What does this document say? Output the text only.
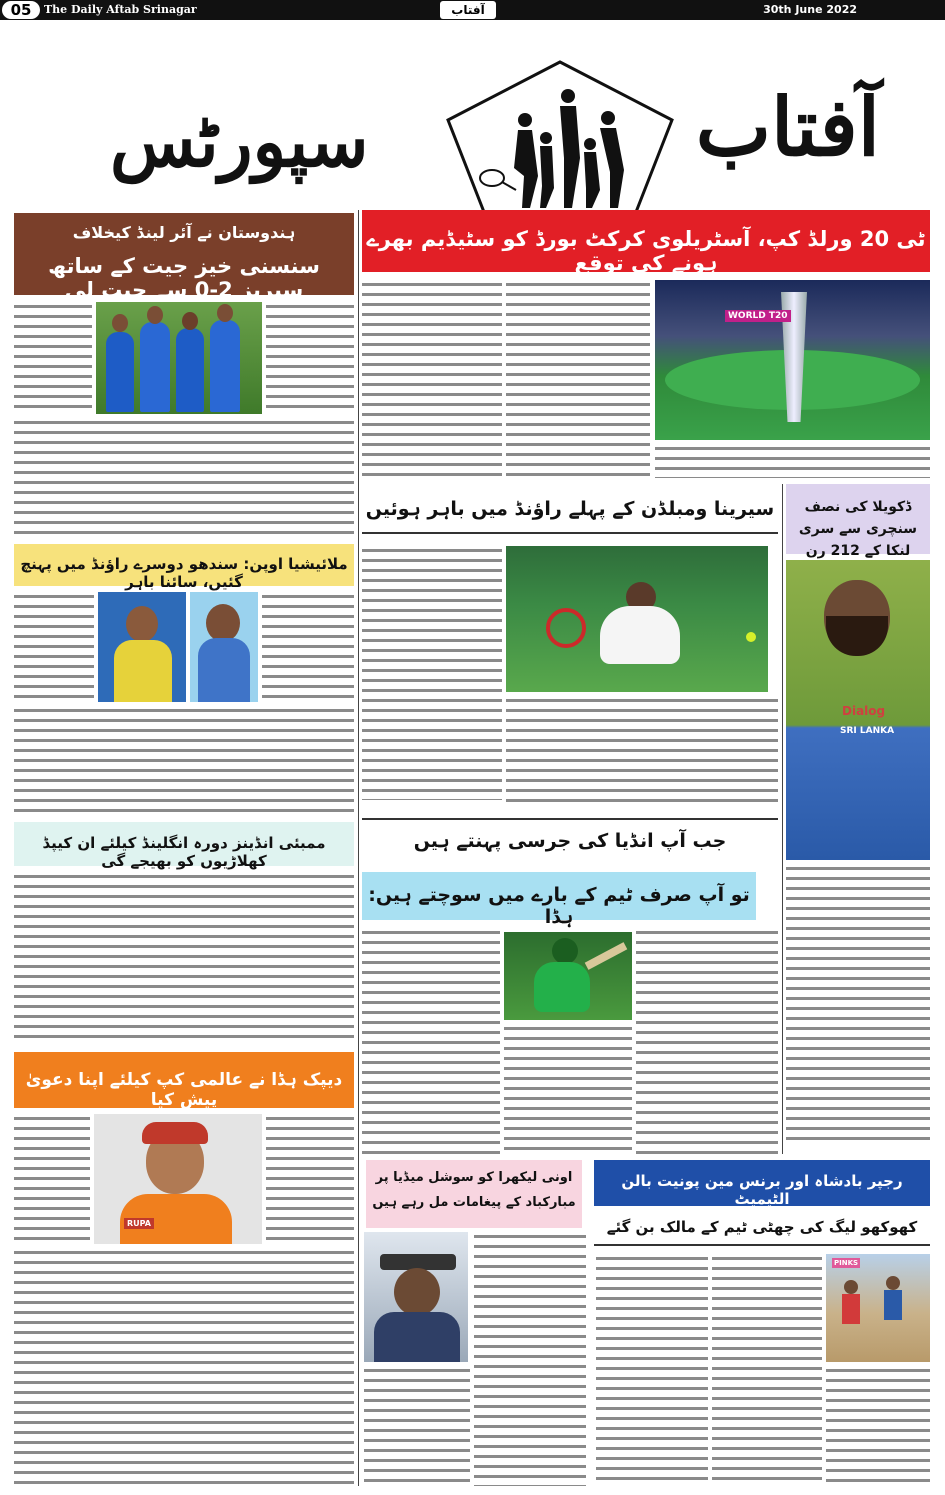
05	The Daily Aftab Srinagar	آفتاب	30th June 2022
آفتاب
سپورٹس
ہندوستان نے آئر لینڈ کیخلاف
سنسنی خیز جیت کے ساتھ سیریز 2-0 سے جیت لی
ملائیشیا اوپن: سندھو دوسرے راؤنڈ میں پہنچ گئیں، سائنا باہر
ممبئی انڈینز دورہ انگلینڈ کیلئے ان کیپڈ کھلاڑیوں کو بھیجے گی
دیپک ہڈا نے عالمی کپ کیلئے اپنا دعویٰ پیش کیا
RUPA
ٹی 20 ورلڈ کپ، آسٹریلوی کرکٹ بورڈ کو سٹیڈیم بھرے ہونے کی توقع
WORLD T20
سیرینا ومبلڈن کے پہلے راؤنڈ میں باہر ہوئیں	ڈکویلا کی نصف سنچری سے سری لنکا کے 212 رن
Dialog
SRI LANKA
جب آپ انڈیا کی جرسی پہنتے ہیں
تو آپ صرف ٹیم کے بارے میں سوچتے ہیں: ہڈا
اونی لیکھرا کو سوشل میڈیا پر
مبارکباد کے پیغامات مل رہے ہیں
رجپر بادشاہ اور برنس مین پونیت بالن الٹیمیٹ
کھوکھو لیگ کی چھٹی ٹیم کے مالک بن گئے
PINKS
